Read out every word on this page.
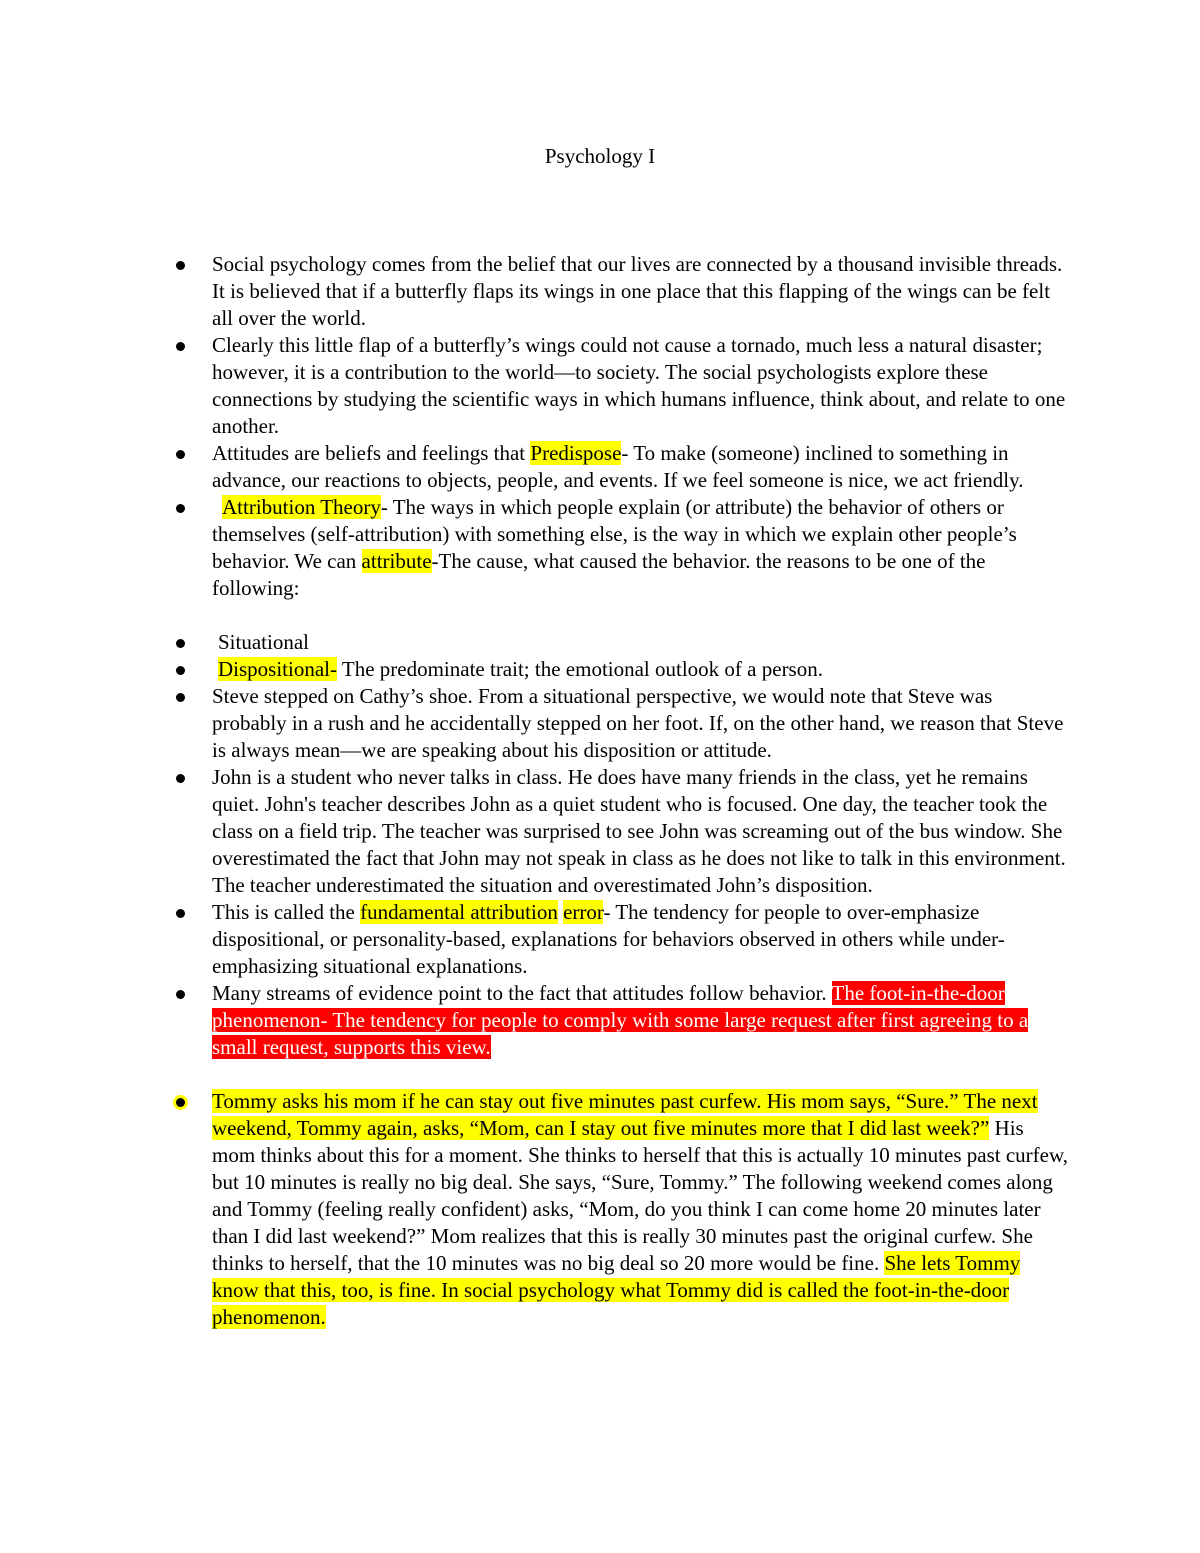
Psychology I
Social psychology comes from the belief that our lives are connected by a thousand invisible threads. It is believed that if a butterfly flaps its wings in one place that this flapping of the wings can be felt all over the world.
Clearly this little flap of a butterfly’s wings could not cause a tornado, much less a natural disaster; however, it is a contribution to the world—to society. The social psychologists explore these connections by studying the scientific ways in which humans influence, think about, and relate to one another.
Attitudes are beliefs and feelings that Predispose- To make (someone) inclined to something in advance, our reactions to objects, people, and events. If we feel someone is nice, we act friendly.
Attribution Theory- The ways in which people explain (or attribute) the behavior of others or themselves (self-attribution) with something else, is the way in which we explain other people’s behavior. We can attribute-The cause, what caused the behavior. the reasons to be one of the following:
Situational
Dispositional- The predominate trait; the emotional outlook of a person.
Steve stepped on Cathy’s shoe. From a situational perspective, we would note that Steve was probably in a rush and he accidentally stepped on her foot. If, on the other hand, we reason that Steve is always mean—we are speaking about his disposition or attitude.
John is a student who never talks in class. He does have many friends in the class, yet he remains quiet. John's teacher describes John as a quiet student who is focused. One day, the teacher took the class on a field trip. The teacher was surprised to see John was screaming out of the bus window. She overestimated the fact that John may not speak in class as he does not like to talk in this environment. The teacher underestimated the situation and overestimated John’s disposition.
This is called the fundamental attribution error- The tendency for people to over-emphasize dispositional, or personality-based, explanations for behaviors observed in others while under-emphasizing situational explanations.
Many streams of evidence point to the fact that attitudes follow behavior. The foot-in-the-door phenomenon- The tendency for people to comply with some large request after first agreeing to a small request, supports this view.
Tommy asks his mom if he can stay out five minutes past curfew. His mom says, “Sure.” The next weekend, Tommy again, asks, “Mom, can I stay out five minutes more that I did last week?” His mom thinks about this for a moment. She thinks to herself that this is actually 10 minutes past curfew, but 10 minutes is really no big deal. She says, “Sure, Tommy.” The following weekend comes along and Tommy (feeling really confident) asks, “Mom, do you think I can come home 20 minutes later than I did last weekend?” Mom realizes that this is really 30 minutes past the original curfew. She thinks to herself, that the 10 minutes was no big deal so 20 more would be fine. She lets Tommy know that this, too, is fine. In social psychology what Tommy did is called the foot-in-the-door phenomenon.
